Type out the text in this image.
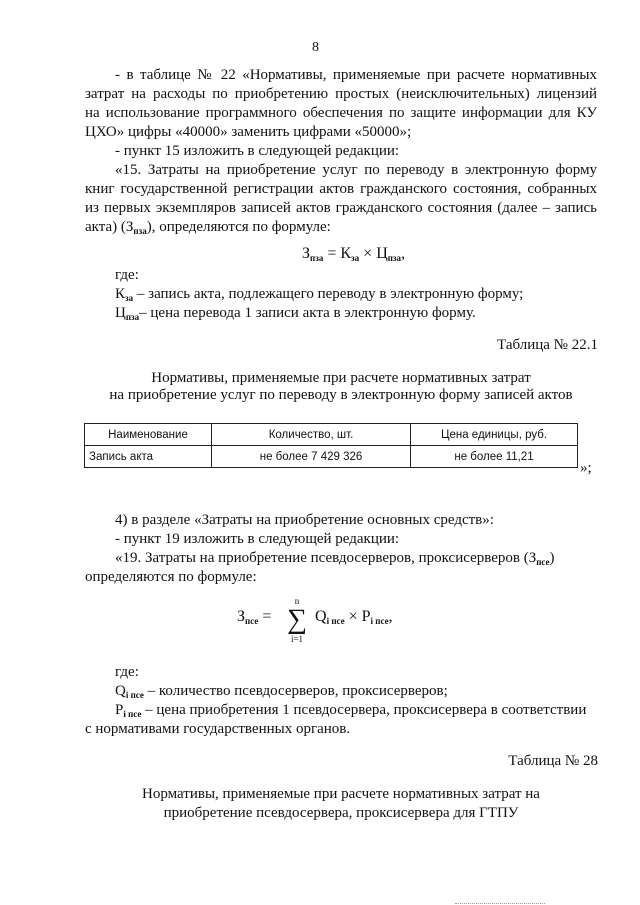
8
- в таблице № 22 «Нормативы, применяемые при расчете нормативных
затрат на расходы по приобретению простых (неисключительных) лицензий
на использование программного обеспечения по защите информации для КУ
ЦХО» цифры «40000» заменить цифрами «50000»;
- пункт 15 изложить в следующей редакции:
«15. Затраты на приобретение услуг по переводу в электронную форму
книг государственной регистрации актов гражданского состояния, собранных
из первых экземпляров записей актов гражданского состояния (далее – запись
акта) $(З_{пза})$, определяются по формуле:
$З_{пза} = К_{за} \times Ц_{пза}$,
где:
$К_{за}$ – запись акта, подлежащего переводу в электронную форму;
$Ц_{пза}-$ цена перевода 1 записи акта в электронную форму.
Таблица № 22.1
Нормативы, применяемые при расчете нормативных затрат
на приобретение услуг по переводу в электронную форму записей актов
Наименование	Количество, шт.	Цена единицы, руб.
Запись акта	не более 7 429 326	не более 11,21
»;
4) в разделе «Затраты на приобретение основных средств»:
- пункт 19 изложить в следующей редакции:
«19. Затраты на приобретение псевдосерверов, проксисерверов $(З_{псе})$
определяются по формуле:
$З_{псе}$ =
n
∑
i=1
$Q_{i псе} \times P_{i псе}$,
где:
$Q_{i псе}$ – количество псевдосерверов, проксисерверов;
$P_{i псе}$ – цена приобретения 1 псевдосервера, проксисервера в соответствии
с нормативами государственных органов.
Таблица № 28
Нормативы, применяемые при расчете нормативных затрат на
приобретение псевдосервера, проксисервера для ГТПУ
